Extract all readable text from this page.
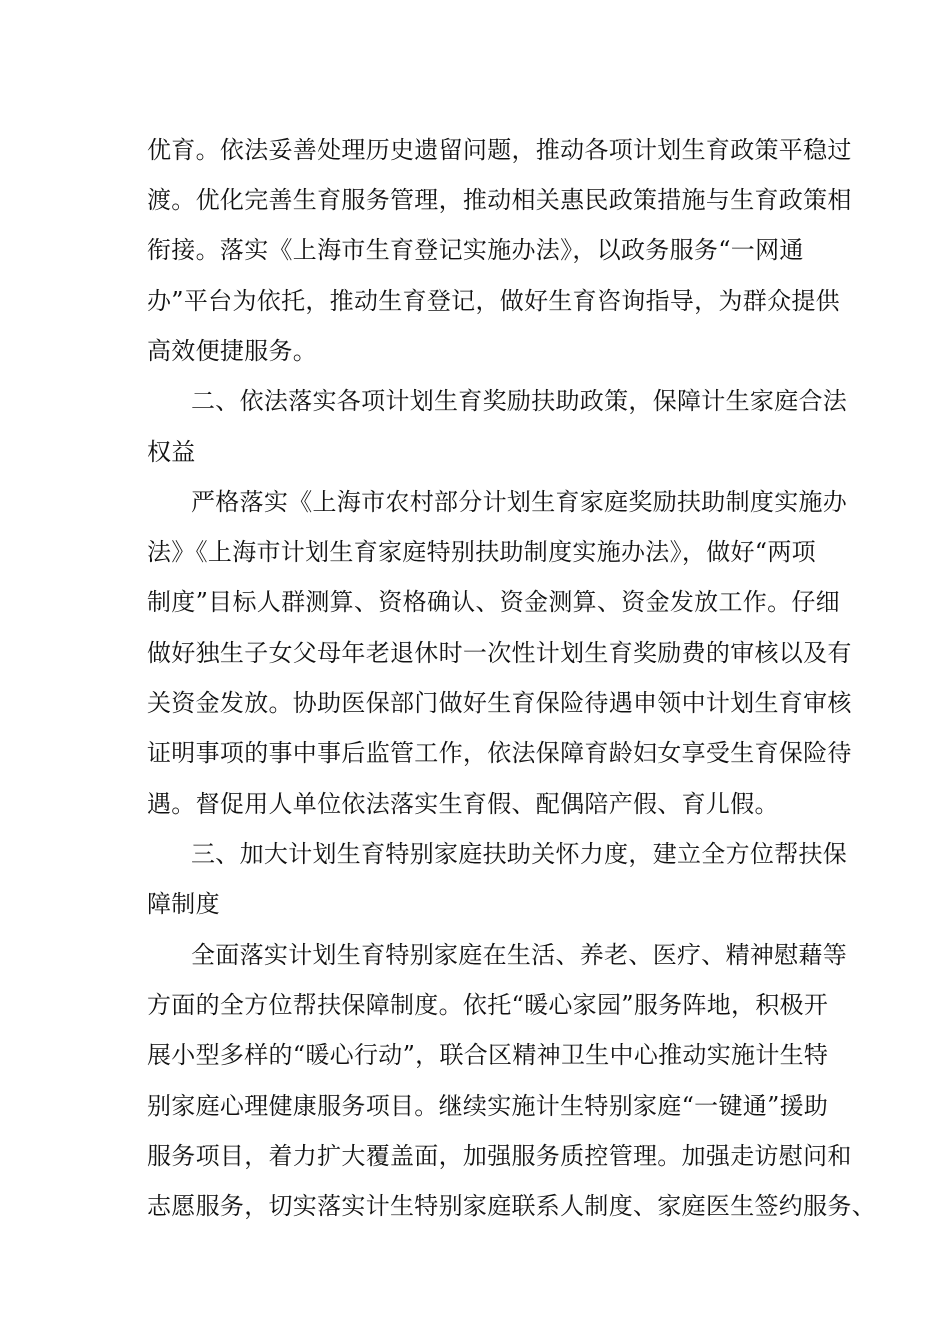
优育。依法妥善处理历史遗留问题，推动各项计划生育政策平稳过
渡。优化完善生育服务管理，推动相关惠民政策措施与生育政策相
衔接。落实《上海市生育登记实施办法》，以政务服务“一网通
办”平台为依托，推动生育登记，做好生育咨询指导，为群众提供
高效便捷服务。
二、依法落实各项计划生育奖励扶助政策，保障计生家庭合法
权益
严格落实《上海市农村部分计划生育家庭奖励扶助制度实施办
法》《上海市计划生育家庭特别扶助制度实施办法》，做好“两项
制度”目标人群测算、资格确认、资金测算、资金发放工作。仔细
做好独生子女父母年老退休时一次性计划生育奖励费的审核以及有
关资金发放。协助医保部门做好生育保险待遇申领中计划生育审核
证明事项的事中事后监管工作，依法保障育龄妇女享受生育保险待
遇。督促用人单位依法落实生育假、配偶陪产假、育儿假。
三、加大计划生育特别家庭扶助关怀力度，建立全方位帮扶保
障制度
全面落实计划生育特别家庭在生活、养老、医疗、精神慰藉等
方面的全方位帮扶保障制度。依托“暖心家园”服务阵地，积极开
展小型多样的“暖心行动”，联合区精神卫生中心推动实施计生特
别家庭心理健康服务项目。继续实施计生特别家庭“一键通”援助
服务项目，着力扩大覆盖面，加强服务质控管理。加强走访慰问和
志愿服务，切实落实计生特别家庭联系人制度、家庭医生签约服务、
